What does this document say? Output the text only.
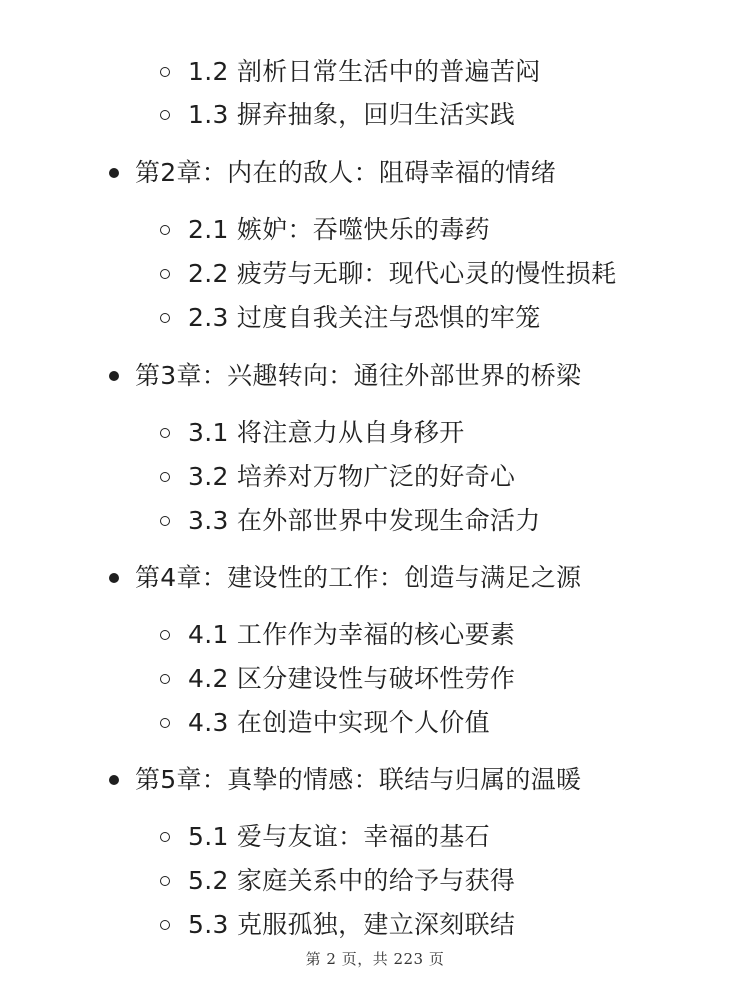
1.2 剖析日常生活中的普遍苦闷
1.3 摒弃抽象，回归生活实践
第2章：内在的敌人：阻碍幸福的情绪
2.1 嫉妒：吞噬快乐的毒药
2.2 疲劳与无聊：现代心灵的慢性损耗
2.3 过度自我关注与恐惧的牢笼
第3章：兴趣转向：通往外部世界的桥梁
3.1 将注意力从自身移开
3.2 培养对万物广泛的好奇心
3.3 在外部世界中发现生命活力
第4章：建设性的工作：创造与满足之源
4.1 工作作为幸福的核心要素
4.2 区分建设性与破坏性劳作
4.3 在创造中实现个人价值
第5章：真挚的情感：联结与归属的温暖
5.1 爱与友谊：幸福的基石
5.2 家庭关系中的给予与获得
5.3 克服孤独，建立深刻联结
第 2 页，共 223 页
